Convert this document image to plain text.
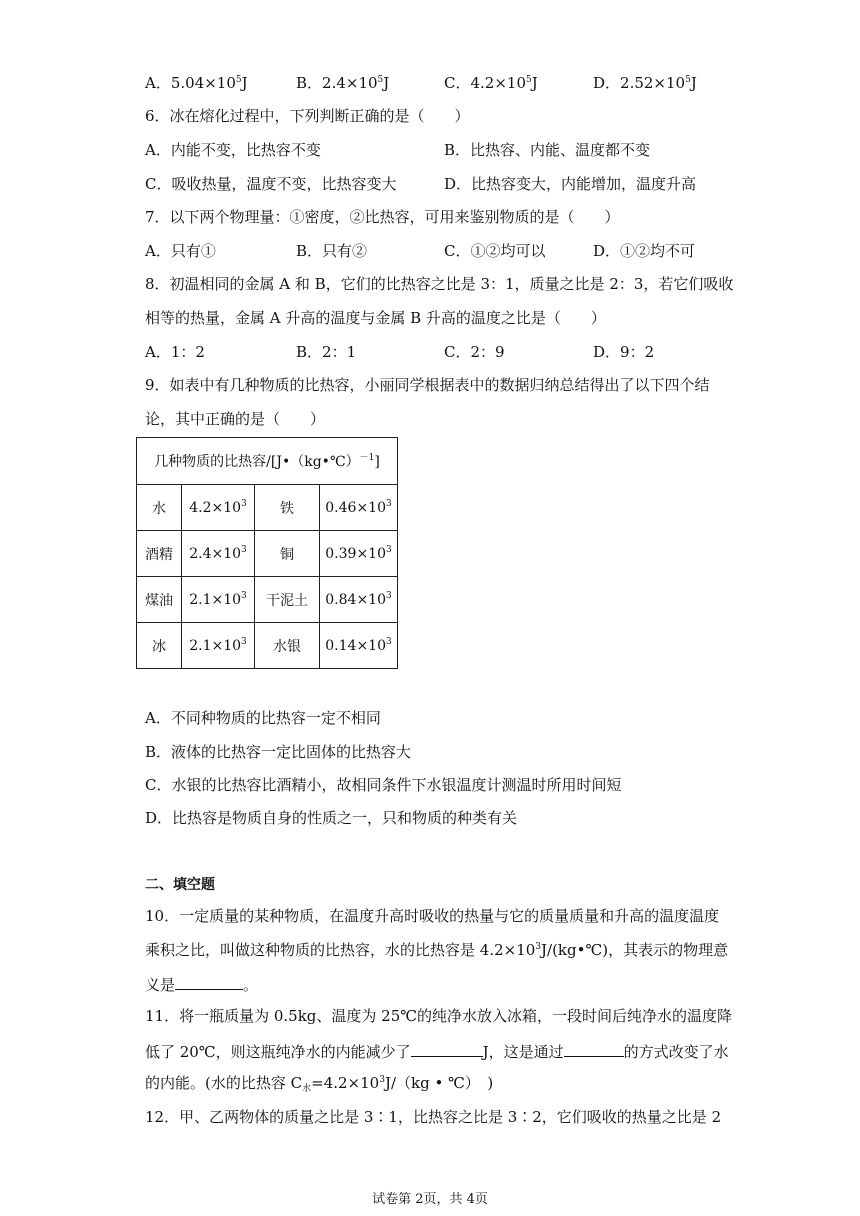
A．$5.04\times 10^5J$	B．$2.4\times 10^5J$	C．$4.2\times 10^5J$	D．$2.52\times 10^5J$
6．冰在熔化过程中，下列判断正确的是（　　）
A．内能不变，比热容不变	B．比热容、内能、温度都不变
C．吸收热量，温度不变，比热容变大	D．比热容变大，内能增加，温度升高
7．以下两个物理量：①密度，②比热容，可用来鉴别物质的是（　　）
A．只有①	B．只有②	C．①②均可以	D．①②均不可
8．初温相同的金属 A 和 B，它们的比热容之比是 3：1，质量之比是 2：3，若它们吸收
相等的热量，金属 A 升高的温度与金属 B 升高的温度之比是（　　）
A．1：2	B．2：1	C．2：9	D．9：2
9．如表中有几种物质的比热容，小丽同学根据表中的数据归纳总结得出了以下四个结
论，其中正确的是（　　）
几种物质的比热容/[J•（kg•℃）$^{-1}$]			
水	$4.2\times 10^3$	铁	$0.46\times 10^3$
酒精	$2.4\times 10^3$	铜	$0.39\times 10^3$
煤油	$2.1\times 10^3$	干泥土	$0.84\times 10^3$
冰	$2.1\times 10^3$	水银	$0.14\times 10^3$
A．不同种物质的比热容一定不相同
B．液体的比热容一定比固体的比热容大
C．水银的比热容比酒精小，故相同条件下水银温度计测温时所用时间短
D．比热容是物质自身的性质之一，只和物质的种类有关
二、填空题
10．一定质量的某种物质，在温度升高时吸收的热量与它的质量质量和升高的温度温度
乘积之比，叫做这种物质的比热容，水的比热容是 $4.2\times 10^3J/(kg•℃)$，其表示的物理意
义是	。
11．将一瓶质量为 0.5kg、温度为 25℃的纯净水放入冰箱，一段时间后纯净水的温度降
低了 20℃，则这瓶纯净水的内能减少了	J，这是通过	的方式改变了水
的内能。(水的比热容 $C_水=4.2\times 10^3J/(kg$ • ℃）　)
12．甲、乙两物体的质量之比是 3∶1，比热容之比是 3∶2，它们吸收的热量之比是 2
试卷第 2页，共 4页
